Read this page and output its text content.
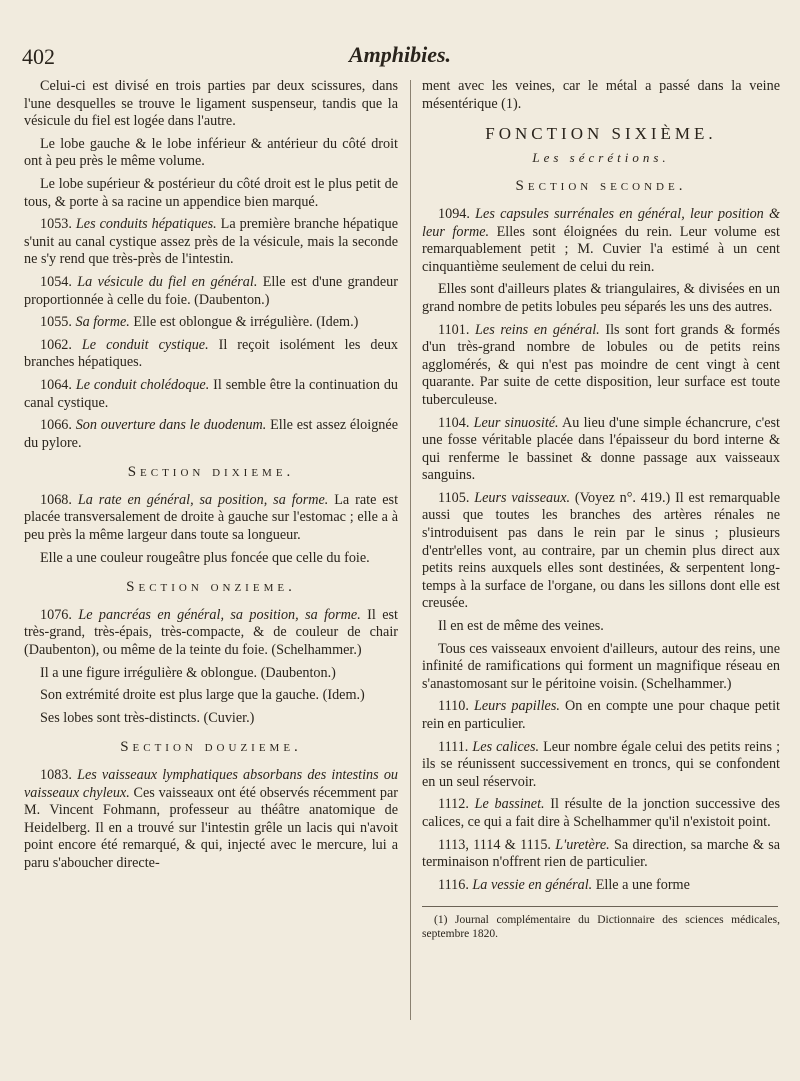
402	Amphibies.

Celui-ci est divisé en trois parties par deux scissures, dans l'une desquelles se trouve le ligament suspenseur, tandis que la vésicule du fiel est logée dans l'autre.

Le lobe gauche & le lobe inférieur & antérieur du côté droit ont à peu près le même volume.

Le lobe supérieur & postérieur du côté droit est le plus petit de tous, & porte à sa racine un appendice bien marqué.

1053. Les conduits hépatiques. La première branche hépatique s'unit au canal cystique assez près de la vésicule, mais la seconde ne s'y rend que très-près de l'intestin.

1054. La vésicule du fiel en général. Elle est d'une grandeur proportionnée à celle du foie. (Daubenton.)

1055. Sa forme. Elle est oblongue & irrégulière. (Idem.)

1062. Le conduit cystique. Il reçoit isolément les deux branches hépatiques.

1064. Le conduit cholédoque. Il semble être la continuation du canal cystique.

1066. Son ouverture dans le duodenum. Elle est assez éloignée du pylore.

Section dixieme.

1068. La rate en général, sa position, sa forme. La rate est placée transversalement de droite à gauche sur l'estomac ; elle a à peu près la même largeur dans toute sa longueur.

Elle a une couleur rougeâtre plus foncée que celle du foie.

Section onzieme.

1076. Le pancréas en général, sa position, sa forme. Il est très-grand, très-épais, très-compacte, & de couleur de chair (Daubenton), ou même de la teinte du foie. (Schelhammer.)

Il a une figure irrégulière & oblongue. (Daubenton.)

Son extrémité droite est plus large que la gauche. (Idem.)

Ses lobes sont très-distincts. (Cuvier.)

Section douzieme.

1083. Les vaisseaux lymphatiques absorbans des intestins ou vaisseaux chyleux. Ces vaisseaux ont été observés récemment par M. Vincent Fohmann, professeur au théâtre anatomique de Heidelberg. Il en a trouvé sur l'intestin grêle un lacis qui n'avoit point encore été remarqué, & qui, injecté avec le mercure, lui a paru s'aboucher directe-

ment avec les veines, car le métal a passé dans la veine mésentérique (1).

FONCTION SIXIÈME.
Les sécrétions.
Section seconde.

1094. Les capsules surrénales en général, leur position & leur forme. Elles sont éloignées du rein. Leur volume est remarquablement petit ; M. Cuvier l'a estimé à un cent cinquantième seulement de celui du rein.

Elles sont d'ailleurs plates & triangulaires, & divisées en un grand nombre de petits lobules peu séparés les uns des autres.

1101. Les reins en général. Ils sont fort grands & formés d'un très-grand nombre de lobules ou de petits reins agglomérés, & qui n'est pas moindre de cent vingt à cent quarante. Par suite de cette disposition, leur surface est toute tuberculeuse.

1104. Leur sinuosité. Au lieu d'une simple échancrure, c'est une fosse véritable placée dans l'épaisseur du bord interne & qui renferme le bassinet & donne passage aux vaisseaux sanguins.

1105. Leurs vaisseaux. (Voyez n°. 419.) Il est remarquable aussi que toutes les branches des artères rénales ne s'introduisent pas dans le rein par le sinus ; plusieurs d'entr'elles vont, au contraire, par un chemin plus direct aux petits reins auxquels elles sont destinées, & serpentent long-temps à la surface de l'organe, ou dans les sillons dont elle est creusée.

Il en est de même des veines.

Tous ces vaisseaux envoient d'ailleurs, autour des reins, une infinité de ramifications qui forment un magnifique réseau en s'anastomosant sur le péritoine voisin. (Schelhammer.)

1110. Leurs papilles. On en compte une pour chaque petit rein en particulier.

1111. Les calices. Leur nombre égale celui des petits reins ; ils se réunissent successivement en troncs, qui se confondent en un seul réservoir.

1112. Le bassinet. Il résulte de la jonction successive des calices, ce qui a fait dire à Schelhammer qu'il n'existoit point.

1113, 1114 & 1115. L'uretère. Sa direction, sa marche & sa terminaison n'offrent rien de particulier.

1116. La vessie en général. Elle a une forme

(1) Journal complémentaire du Dictionnaire des sciences médicales, septembre 1820.
